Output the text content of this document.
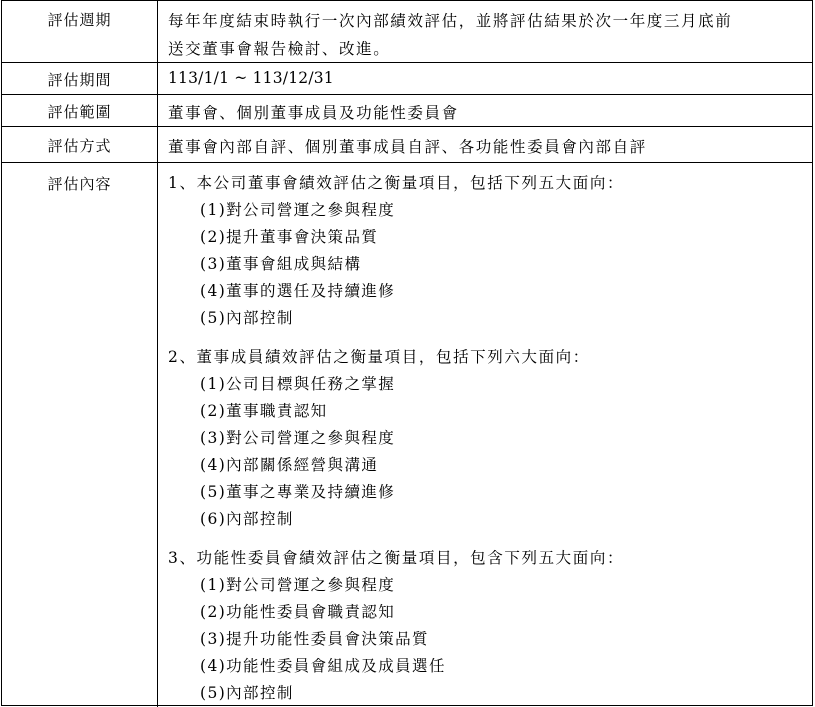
評估週期	每年年度結束時執行一次內部績效評估，並將評估結果於次一年度三月底前
送交董事會報告檢討、改進。
評估期間	113/1/1 ~ 113/12/31
評估範圍	董事會、個別董事成員及功能性委員會
評估方式	董事會內部自評、個別董事成員自評、各功能性委員會內部自評
評估內容	1、本公司董事會績效評估之衡量項目，包括下列五大面向：
(1)對公司營運之參與程度
(2)提升董事會決策品質
(3)董事會組成與結構
(4)董事的選任及持續進修
(5)內部控制
2、董事成員績效評估之衡量項目，包括下列六大面向：
(1)公司目標與任務之掌握
(2)董事職責認知
(3)對公司營運之參與程度
(4)內部關係經營與溝通
(5)董事之專業及持續進修
(6)內部控制
3、功能性委員會績效評估之衡量項目，包含下列五大面向：
(1)對公司營運之參與程度
(2)功能性委員會職責認知
(3)提升功能性委員會決策品質
(4)功能性委員會組成及成員選任
(5)內部控制
